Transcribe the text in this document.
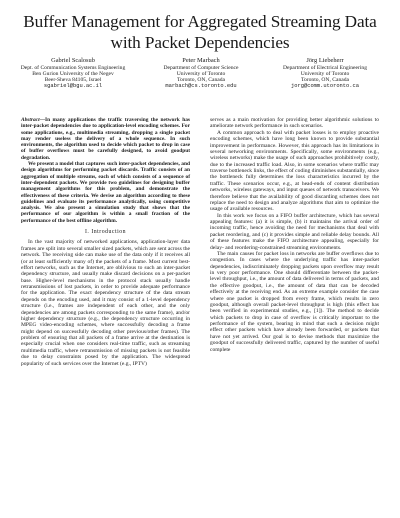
Buffer Management for Aggregated Streaming Data with Packet Dependencies
Gabriel Scalosub
Dept. of Communication Systems Engineering
Ben Gurion University of the Negev
Beer-Sheva 84105, Israel
sgabriel@bgu.ac.il
Peter Marbach
Department of Computer Science
University of Toronto
Toronto, ON, Canada
marbach@cs.toronto.edu
Jörg Liebeherr
Department of Electrical Engineering
University of Toronto
Toronto, ON, Canada
jorg@comm.utoronto.ca

Abstract—In many applications the traffic traversing the network has inter-packet dependencies due to application-level encoding schemes. For some applications, e.g., multimedia streaming, dropping a single packet may render useless the delivery of a whole sequence. In such environments, the algorithm used to decide which packet to drop in case of buffer overflows must be carefully designed, to avoid goodput degradation.

We present a model that captures such inter-packet dependencies, and design algorithms for performing packet discards. Traffic consists of an aggregation of multiple streams, each of which consists of a sequence of inter-dependent packets. We provide two guidelines for designing buffer management algorithms for this problem, and demonstrate the effectiveness of these criteria. We devise an algorithm according to these guidelines and evaluate its performance analytically, using competitive analysis. We also present a simulation study that shows that the performance of our algorithm is within a small fraction of the performance of the best offline algorithm.

I. Introduction

In the vast majority of networked applications, application-layer data frames are split into several smaller sized packets, which are sent across the network. The receiving side can make use of the data only if it receives all (or at least sufficiently many of) the packets of a frame. Most current best-effort networks, such as the Internet, are oblivious to such an inter-packet dependency structure, and usually make discard decisions on a per-packet base. Higher-level mechanisms in the protocol stack usually handle retransmissions of lost packets, in order to provide adequate performance for the application. The exact dependency structure of the data stream depends on the encoding used, and it may consist of a 1-level dependency structure (i.e., frames are independent of each other, and the only dependencies are among packets corresponding to the same frame), and/or higher dependency structure (e.g., the dependency structure occurring in MPEG video-encoding schemes, where successfully decoding a frame might depend on successfully decoding other previous/other frames). The problem of ensuring that all packets of a frame arrive at the destination is especially crucial when one considers real-time traffic, such as streaming multimedia traffic, where retransmission of missing packets is not feasible due to delay constraints posed by the application. The widespread popularity of such services over the Internet (e.g., IPTV)

serves as a main motivation for providing better algorithmic solutions to ameliorate network performance in such scenarios.

A common approach to deal with packet losses is to employ proactive encoding schemes, which have long been known to provide substantial improvement in performance. However, this approach has its limitations in several networking environments. Specifically, some environments (e.g., wireless networks) make the usage of such approaches prohibitively costly, due to the increased traffic load. Also, in some scenarios where traffic may traverse bottleneck links, the effect of coding diminishes substantially, since the bottleneck fully determines the loss characteristics incurred by the traffic. These scenarios occur, e.g., at head-ends of content distribution networks, wireless gateways, and input queues of network transceivers. We therefore believe that the availability of good discarding schemes does not replace the need to design and analyze algorithms that aim to optimize the usage of available resources.

In this work we focus on a FIFO buffer architecture, which has several appealing features: (a) it is simple, (b) it maintains the arrival order of incoming traffic, hence avoiding the need for mechanisms that deal with packet reordering, and (c) it provides simple and reliable delay bounds. All of these features make the FIFO architecture appealing, especially for delay- and reordering-constrained streaming environments.

The main causes for packet loss in networks are buffer overflows due to congestion. In cases where the underlying traffic has inter-packet dependencies, indiscriminately dropping packets upon overflow may result in very poor performance. One should differentiate between the packet-level throughput, i.e., the amount of data delivered in terms of packets, and the effective goodput, i.e., the amount of data that can be decoded effectively at the receiving end. As an extreme example consider the case where one packet is dropped from every frame, which results in zero goodput, although overall packet-level throughput is high (this effect has been verified in experimental studies, e.g., [1]). The method to decide which packets to drop in case of overflow is critically important to the performance of the system, bearing in mind that such a decision might effect other packets which have already been forwarded, or packets that have not yet arrived. Our goal is to devise methods that maximize the goodput of successfully delivered traffic, captured by the number of useful complete
